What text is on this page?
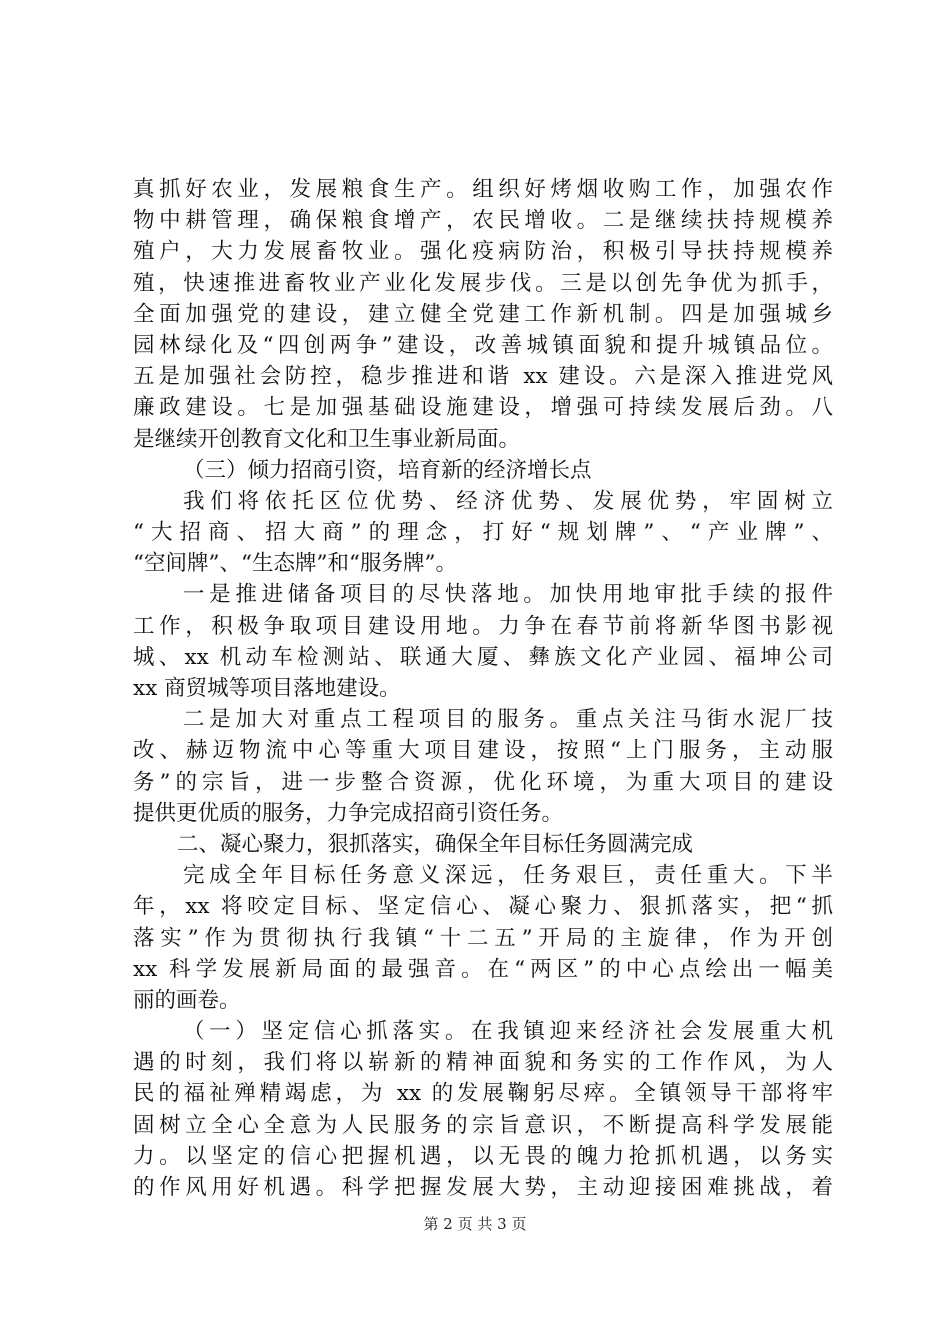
真抓好农业，发展粮食生产。组织好烤烟收购工作，加强农作
物中耕管理，确保粮食增产，农民增收。二是继续扶持规模养
殖户，大力发展畜牧业。强化疫病防治，积极引导扶持规模养
殖，快速推进畜牧业产业化发展步伐。三是以创先争优为抓手，
全面加强党的建设，建立健全党建工作新机制。四是加强城乡
园林绿化及“四创两争”建设，改善城镇面貌和提升城镇品位。
五是加强社会防控，稳步推进和谐 xx 建设。六是深入推进党风
廉政建设。七是加强基础设施建设，增强可持续发展后劲。八
是继续开创教育文化和卫生事业新局面。
（三）倾力招商引资，培育新的经济增长点
我们将依托区位优势、经济优势、发展优势，牢固树立
“大招商、招大商”的理念，打好“规划牌”、“产业牌”、
“空间牌”、“生态牌”和“服务牌”。
一是推进储备项目的尽快落地。加快用地审批手续的报件
工作，积极争取项目建设用地。力争在春节前将新华图书影视
城、xx 机动车检测站、联通大厦、彝族文化产业园、福坤公司
xx 商贸城等项目落地建设。
二是加大对重点工程项目的服务。重点关注马街水泥厂技
改、赫迈物流中心等重大项目建设，按照“上门服务，主动服
务”的宗旨，进一步整合资源，优化环境，为重大项目的建设
提供更优质的服务，力争完成招商引资任务。
二、凝心聚力，狠抓落实，确保全年目标任务圆满完成
完成全年目标任务意义深远，任务艰巨，责任重大。下半
年，xx 将咬定目标、坚定信心、凝心聚力、狠抓落实，把“抓
落实”作为贯彻执行我镇“十二五”开局的主旋律，作为开创
xx 科学发展新局面的最强音。在“两区”的中心点绘出一幅美
丽的画卷。
（一）坚定信心抓落实。在我镇迎来经济社会发展重大机
遇的时刻，我们将以崭新的精神面貌和务实的工作作风，为人
民的福祉殚精竭虑，为 xx 的发展鞠躬尽瘁。全镇领导干部将牢
固树立全心全意为人民服务的宗旨意识，不断提高科学发展能
力。以坚定的信心把握机遇，以无畏的魄力抢抓机遇，以务实
的作风用好机遇。科学把握发展大势，主动迎接困难挑战，着
第 2 页 共 3 页
